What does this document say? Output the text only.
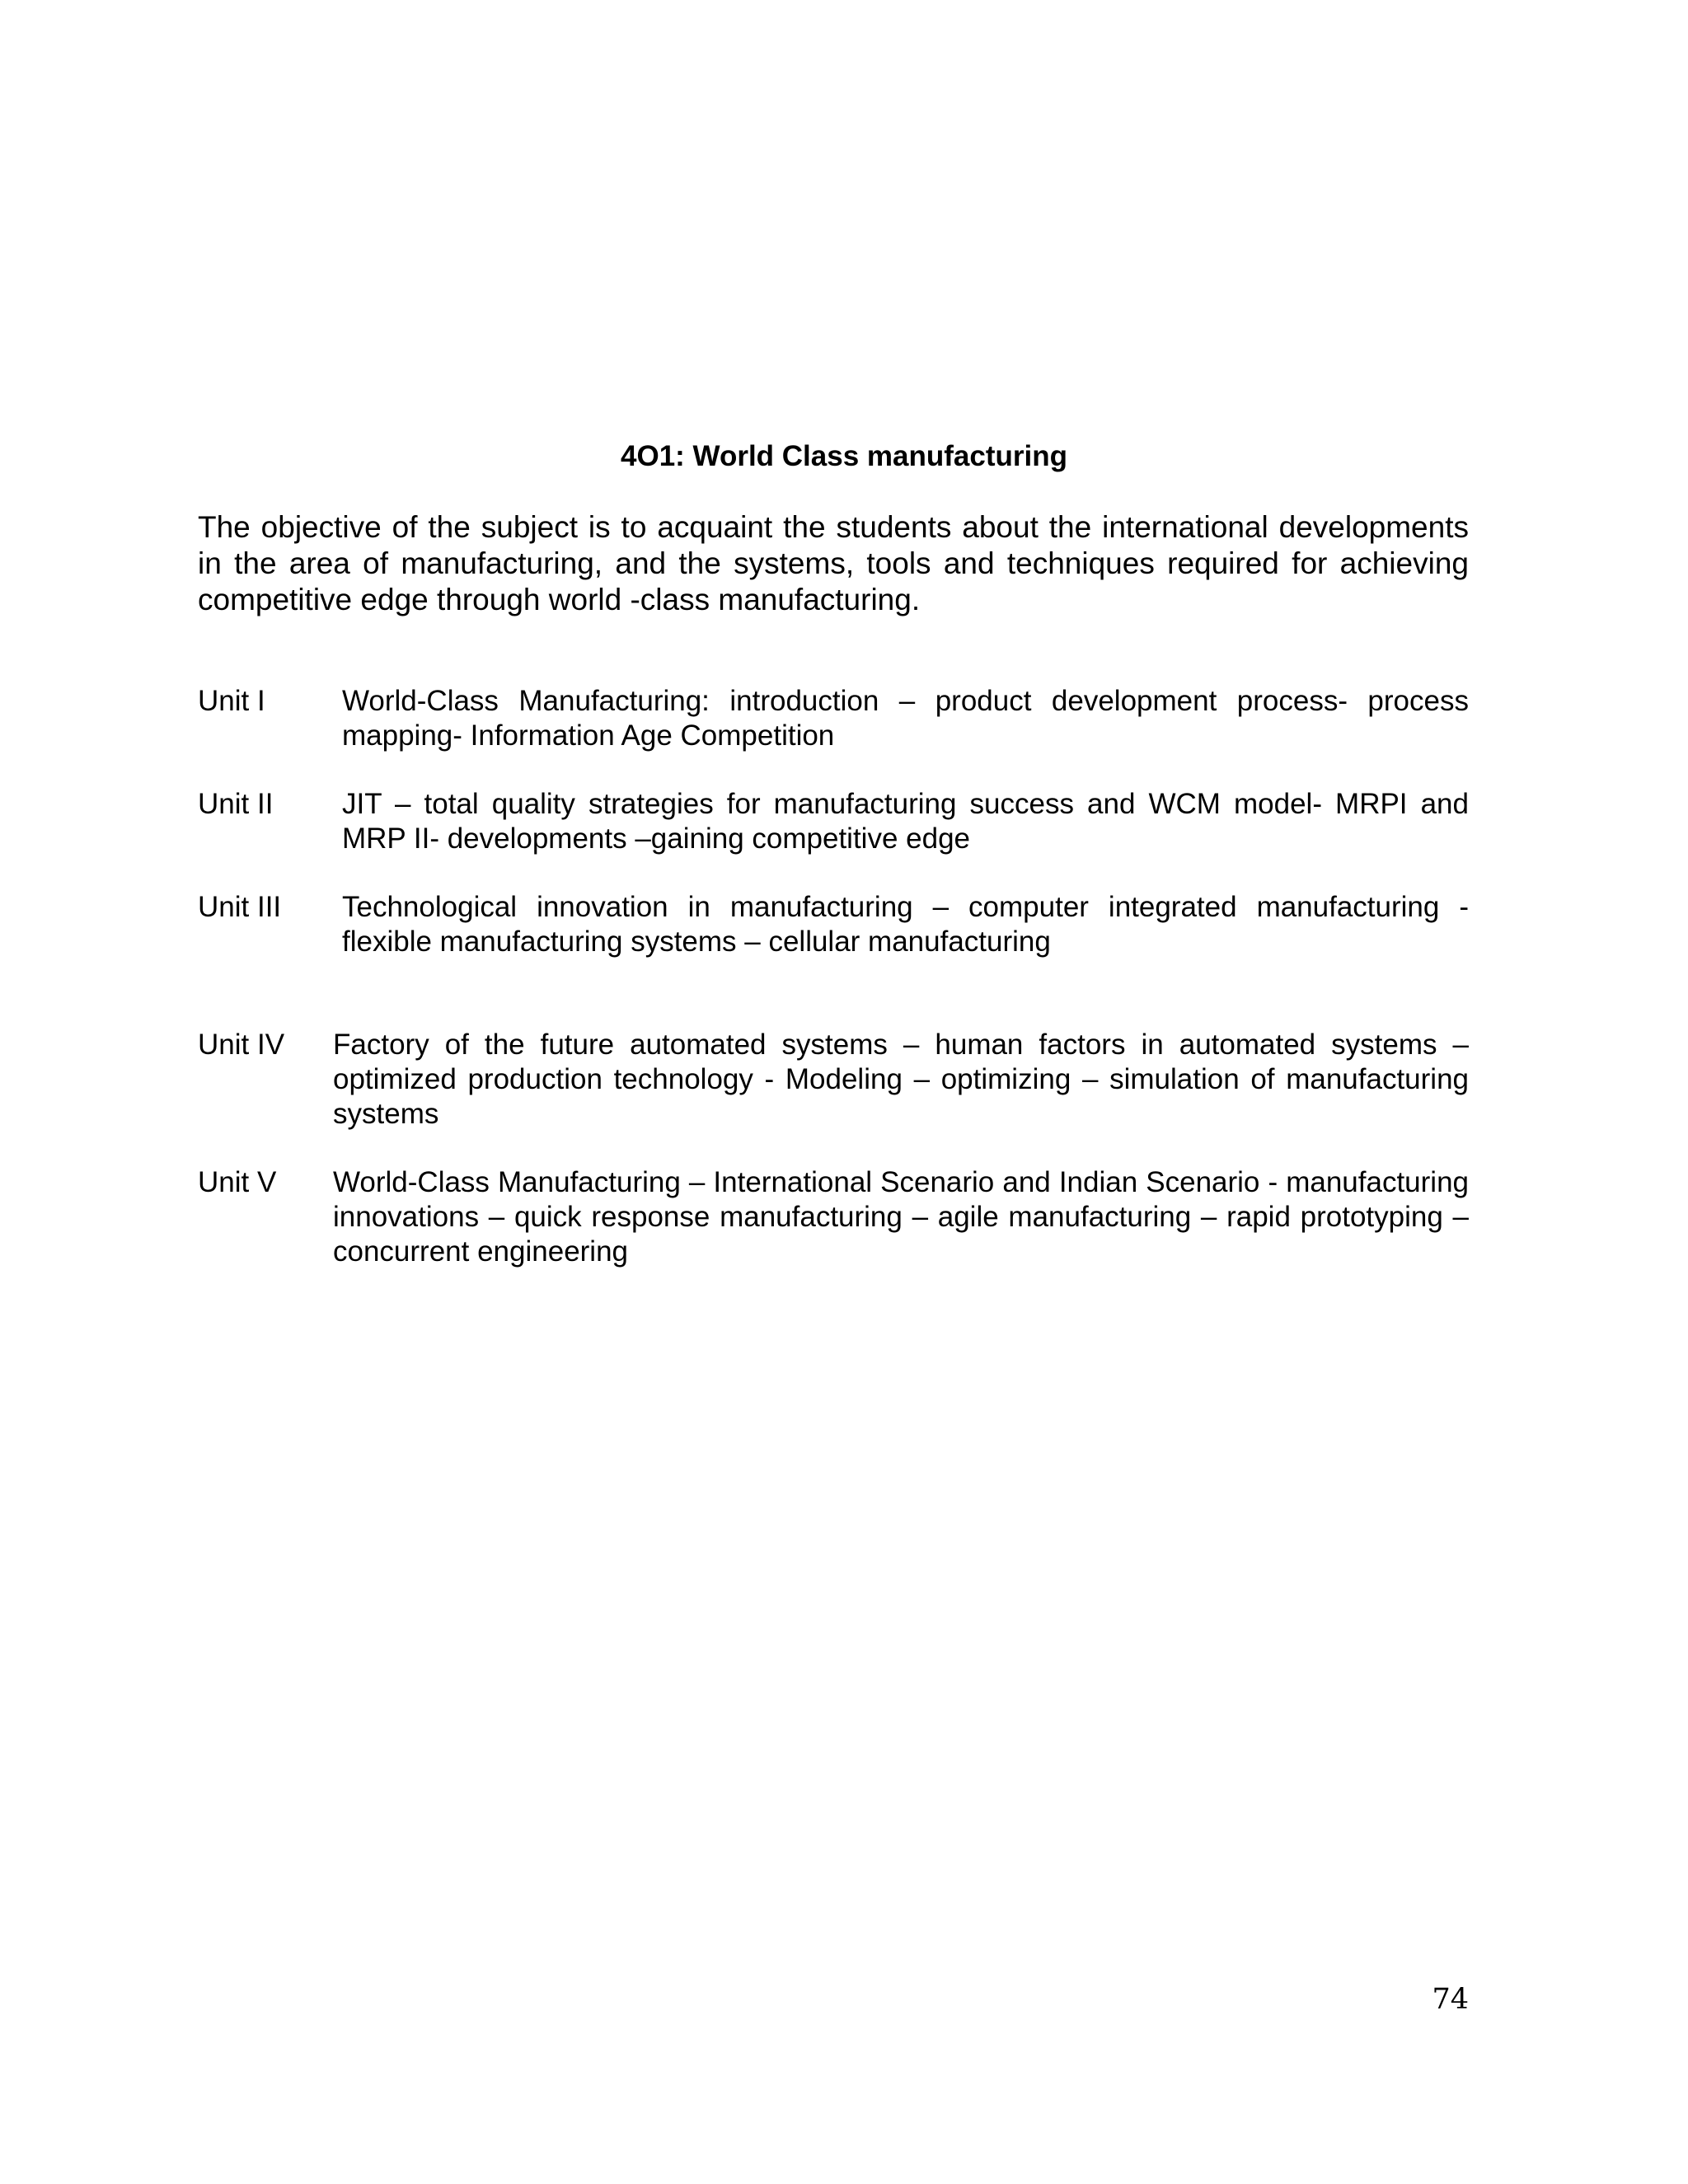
4O1: World Class manufacturing
The objective of the subject is to acquaint the students about the international developments in the area of manufacturing, and the systems, tools and techniques required for achieving competitive edge through world -class manufacturing.
Unit I	World-Class Manufacturing: introduction – product development process- process mapping- Information Age Competition
Unit II JIT – total quality strategies for manufacturing success and WCM model- MRPI and MRP II- developments –gaining competitive edge
Unit III Technological innovation in manufacturing – computer integrated manufacturing - flexible manufacturing systems – cellular manufacturing
Unit IV Factory of the future automated systems – human factors in automated systems – optimized production technology - Modeling – optimizing – simulation of manufacturing systems
Unit V World-Class Manufacturing – International Scenario and Indian Scenario - manufacturing innovations – quick response manufacturing – agile manufacturing – rapid prototyping – concurrent engineering
74
